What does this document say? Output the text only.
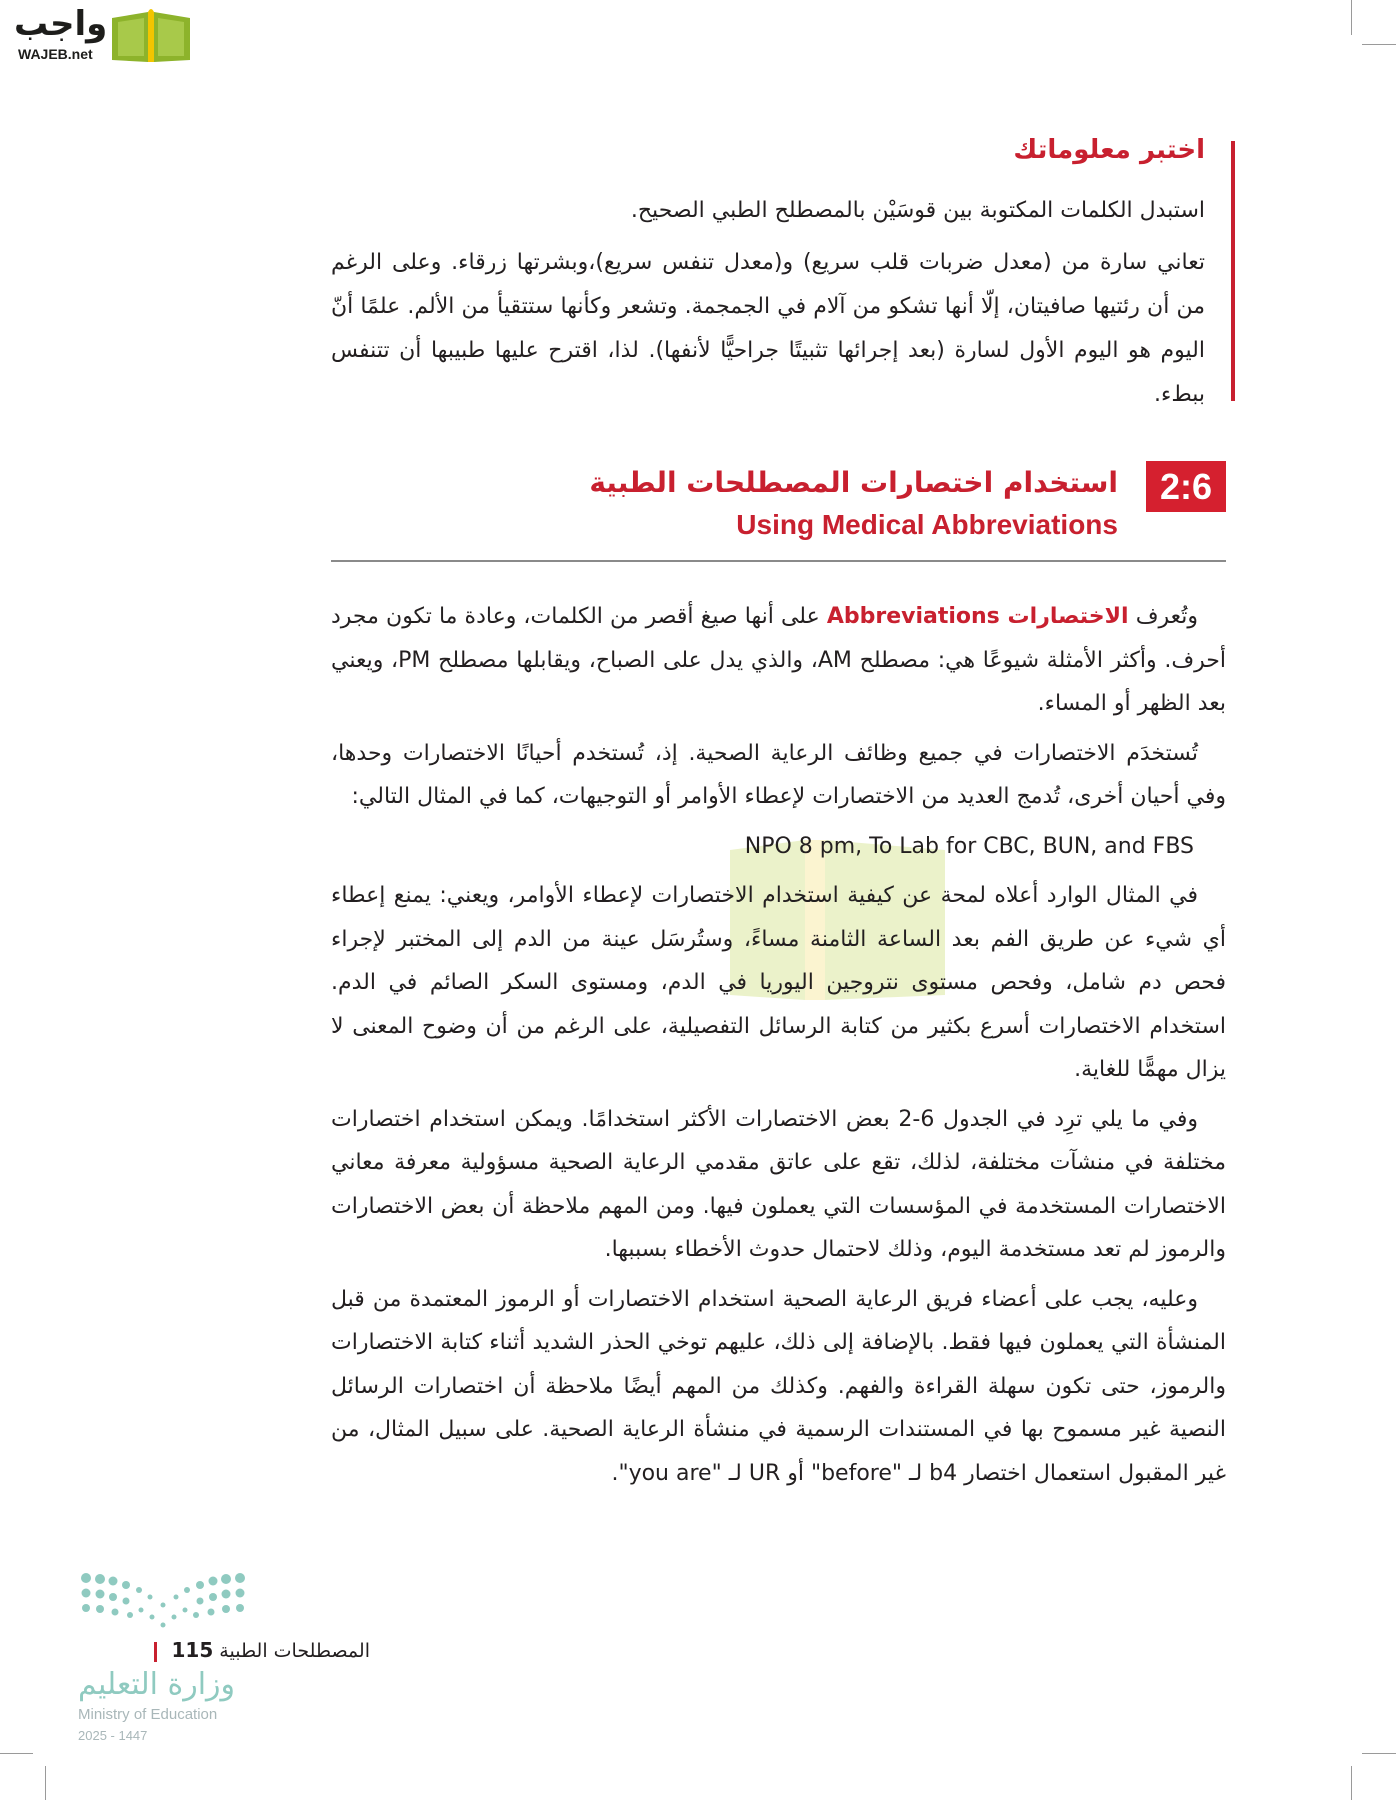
واجب
WAJEB.net
اختبر معلوماتك
استبدل الكلمات المكتوبة بين قوسَيْن بالمصطلح الطبي الصحيح.
تعاني سارة من (معدل ضربات قلب سريع) و(معدل تنفس سريع)،وبشرتها زرقاء. وعلى الرغم من أن رئتيها صافيتان، إلّا أنها تشكو من آلام في الجمجمة. وتشعر وكأنها ستتقيأ من الألم. علمًا أنّ اليوم هو اليوم الأول لسارة (بعد إجرائها تثبيتًا جراحيًّا لأنفها). لذا، اقترح عليها طبيبها أن تتنفس ببطء.
2:6
استخدام اختصارات المصطلحات الطبية
Using Medical Abbreviations

وتُعرف الاختصارات Abbreviations على أنها صيغ أقصر من الكلمات، وعادة ما تكون مجرد أحرف. وأكثر الأمثلة شيوعًا هي: مصطلح AM، والذي يدل على الصباح، ويقابلها مصطلح PM، ويعني بعد الظهر أو المساء.

تُستخدَم الاختصارات في جميع وظائف الرعاية الصحية. إذ، تُستخدم أحيانًا الاختصارات وحدها، وفي أحيان أخرى، تُدمج العديد من الاختصارات لإعطاء الأوامر أو التوجيهات، كما في المثال التالي:

NPO 8 pm, To Lab for CBC, BUN, and FBS

في المثال الوارد أعلاه لمحة عن كيفية استخدام الاختصارات لإعطاء الأوامر، ويعني: يمنع إعطاء أي شيء عن طريق الفم بعد الساعة الثامنة مساءً، وستُرسَل عينة من الدم إلى المختبر لإجراء فحص دم شامل، وفحص مستوى نتروجين اليوريا في الدم، ومستوى السكر الصائم في الدم. استخدام الاختصارات أسرع بكثير من كتابة الرسائل التفصيلية، على الرغم من أن وضوح المعنى لا يزال مهمًّا للغاية.

وفي ما يلي ترِد في الجدول 6-2 بعض الاختصارات الأكثر استخدامًا. ويمكن استخدام اختصارات مختلفة في منشآت مختلفة، لذلك، تقع على عاتق مقدمي الرعاية الصحية مسؤولية معرفة معاني الاختصارات المستخدمة في المؤسسات التي يعملون فيها. ومن المهم ملاحظة أن بعض الاختصارات والرموز لم تعد مستخدمة اليوم، وذلك لاحتمال حدوث الأخطاء بسببها.

وعليه، يجب على أعضاء فريق الرعاية الصحية استخدام الاختصارات أو الرموز المعتمدة من قبل المنشأة التي يعملون فيها فقط. بالإضافة إلى ذلك، عليهم توخي الحذر الشديد أثناء كتابة الاختصارات والرموز، حتى تكون سهلة القراءة والفهم. وكذلك من المهم أيضًا ملاحظة أن اختصارات الرسائل النصية غير مسموح بها في المستندات الرسمية في منشأة الرعاية الصحية. على سبيل المثال، من غير المقبول استعمال اختصار b4 لـ "before" أو UR لـ "you are".

المصطلحات الطبية 115
وزارة التعليم
Ministry of Education
2025 - 1447
